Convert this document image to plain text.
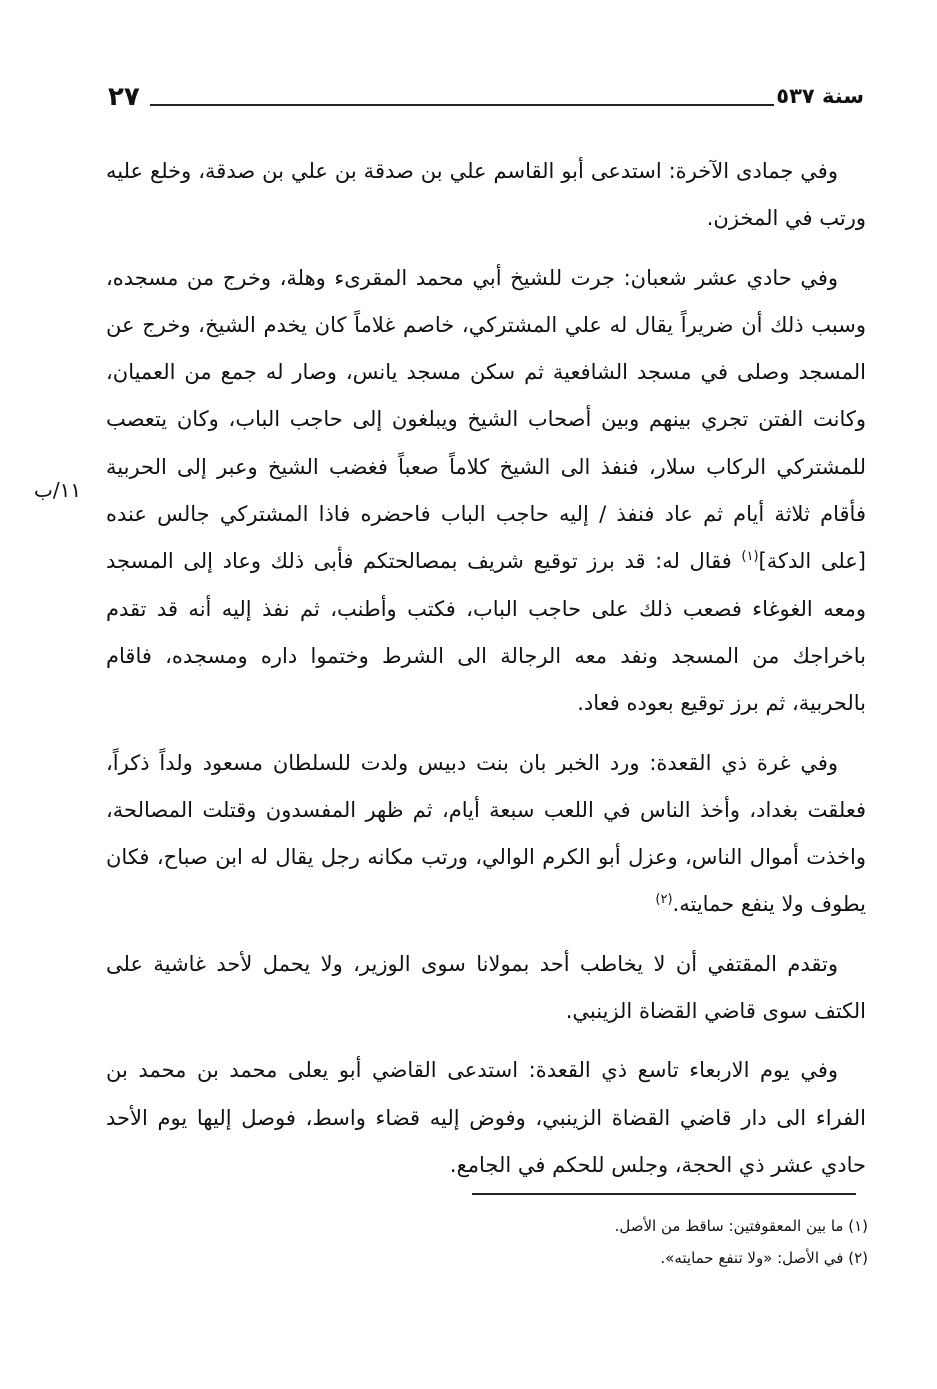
سنة ٥٣٧
٢٧
١١/ب

وفي جمادى الآخرة: استدعى أبو القاسم علي بن صدقة بن علي بن صدقة، وخلع عليه ورتب في المخزن.

وفي حادي عشر شعبان: جرت للشيخ أبي محمد المقرىء وهلة، وخرج من مسجده، وسبب ذلك أن ضريراً يقال له علي المشتركي، خاصم غلاماً كان يخدم الشيخ، وخرج عن المسجد وصلى في مسجد الشافعية ثم سكن مسجد يانس، وصار له جمع من العميان، وكانت الفتن تجري بينهم وبين أصحاب الشيخ ويبلغون إلى حاجب الباب، وكان يتعصب للمشتركي الركاب سلار، فنفذ الى الشيخ كلاماً صعباً فغضب الشيخ وعبر إلى الحربية فأقام ثلاثة أيام ثم عاد فنفذ / إليه حاجب الباب فاحضره فاذا المشتركي جالس عنده [على الدكة]$^{(١)}$ فقال له: قد برز توقيع شريف بمصالحتكم فأبى ذلك وعاد إلى المسجد ومعه الغوغاء فصعب ذلك على حاجب الباب، فكتب وأطنب، ثم نفذ إليه أنه قد تقدم باخراجك من المسجد ونفد معه الرجالة الى الشرط وختموا داره ومسجده، فاقام بالحربية، ثم برز توقيع بعوده فعاد.

وفي غرة ذي القعدة: ورد الخبر بان بنت دبيس ولدت للسلطان مسعود ولداً ذكراً، فعلقت بغداد، وأخذ الناس في اللعب سبعة أيام، ثم ظهر المفسدون وقتلت المصالحة، واخذت أموال الناس، وعزل أبو الكرم الوالي، ورتب مكانه رجل يقال له ابن صباح، فكان يطوف ولا ينفع حمايته.$^{(٢)}$

وتقدم المقتفي أن لا يخاطب أحد بمولانا سوى الوزير، ولا يحمل لأحد غاشية على الكتف سوى قاضي القضاة الزينبي.

وفي يوم الاربعاء تاسع ذي القعدة: استدعى القاضي أبو يعلى محمد بن محمد بن الفراء الى دار قاضي القضاة الزينبي، وفوض إليه قضاء واسط، فوصل إليها يوم الأحد حادي عشر ذي الحجة، وجلس للحكم في الجامع.

(١) ما بين المعقوفتين: ساقط من الأصل.

(٢) في الأصل: «ولا تنفع حمايته».
